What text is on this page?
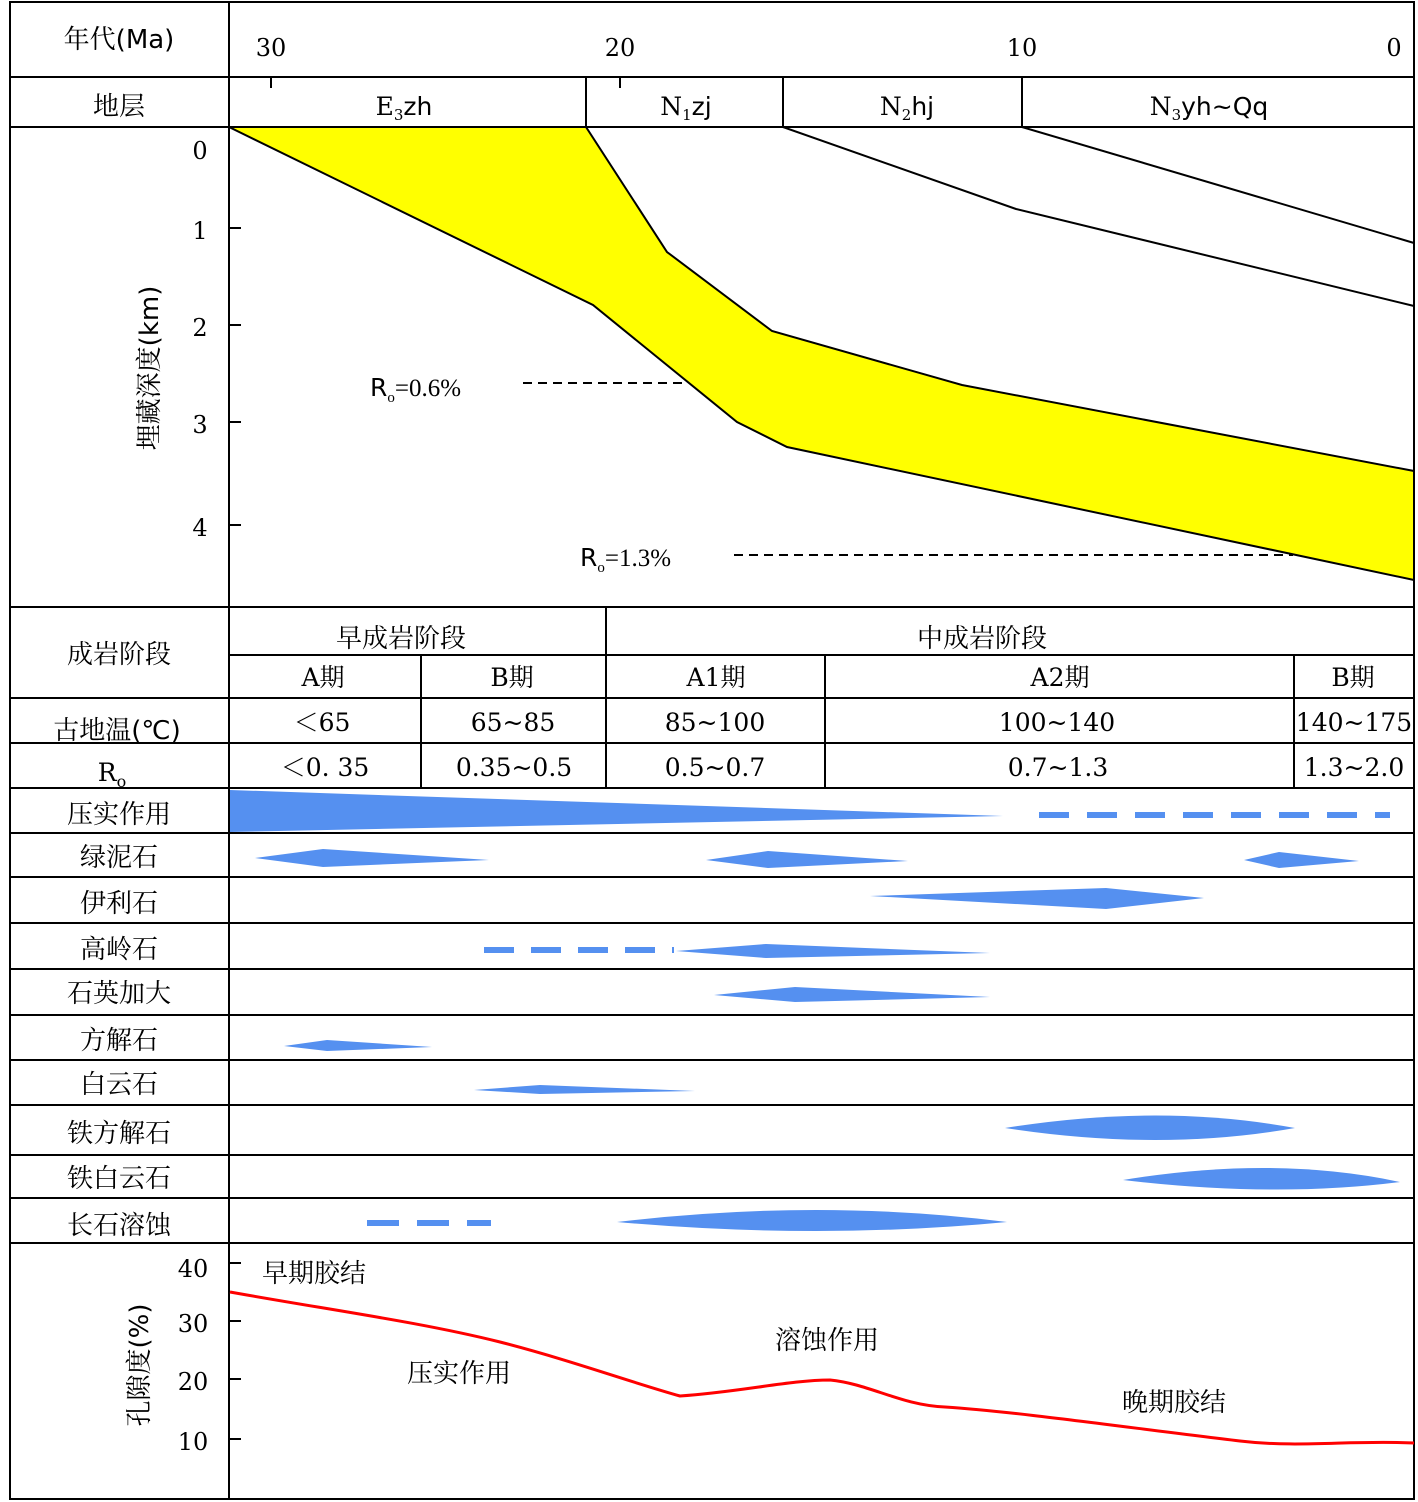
年代(Ma)	30	20	10	0
地层	$E_3zh$	$N_1zj$	$N_2hj$	$N_3yh\sim Qq$
埋藏深度(km)
0
1
2
3
4
$R_o=0.6\%$
$R_o=1.3\%$
成岩阶段
早成岩阶段	中成岩阶段
A期	B期	A1期	A2期	B期
古地温(℃)	＜65	65~85	85~100	100~140	140~175
$R_o$	＜0. 35	0.35~0.5	0.5~0.7	0.7~1.3	1.3~2.0
压实作用
绿泥石
伊利石
高岭石
石英加大
方解石
白云石
铁方解石
铁白云石
长石溶蚀
孔隙度(%)
40
30
20
10
早期胶结
压实作用
溶蚀作用
晚期胶结
